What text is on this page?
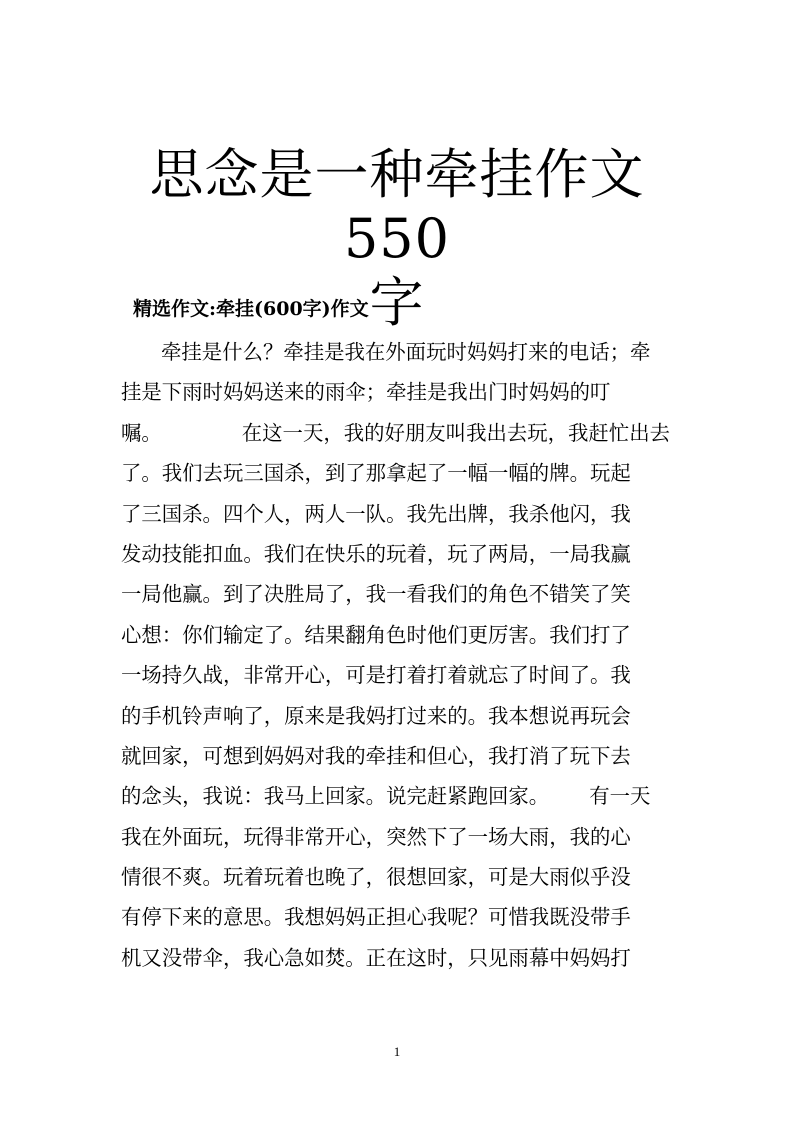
思念是一种牵挂作文550
字

精选作文:牵挂(600字)作文

牵挂是什么？牵挂是我在外面玩时妈妈打来的电话；牵
挂是下雨时妈妈送来的雨伞；牵挂是我出门时妈妈的叮
嘱。	在这一天，我的好朋友叫我出去玩，我赶忙出去
了。我们去玩三国杀，到了那拿起了一幅一幅的牌。玩起
了三国杀。四个人，两人一队。我先出牌，我杀他闪，我
发动技能扣血。我们在快乐的玩着，玩了两局，一局我赢
一局他赢。到了决胜局了，我一看我们的角色不错笑了笑
心想：你们输定了。结果翻角色时他们更厉害。我们打了
一场持久战，非常开心，可是打着打着就忘了时间了。我
的手机铃声响了，原来是我妈打过来的。我本想说再玩会
就回家，可想到妈妈对我的牵挂和但心，我打消了玩下去
的念头，我说：我马上回家。说完赶紧跑回家。 有一天
我在外面玩，玩得非常开心，突然下了一场大雨，我的心
情很不爽。玩着玩着也晚了，很想回家，可是大雨似乎没
有停下来的意思。我想妈妈正担心我呢？可惜我既没带手
机又没带伞，我心急如焚。正在这时，只见雨幕中妈妈打
1
